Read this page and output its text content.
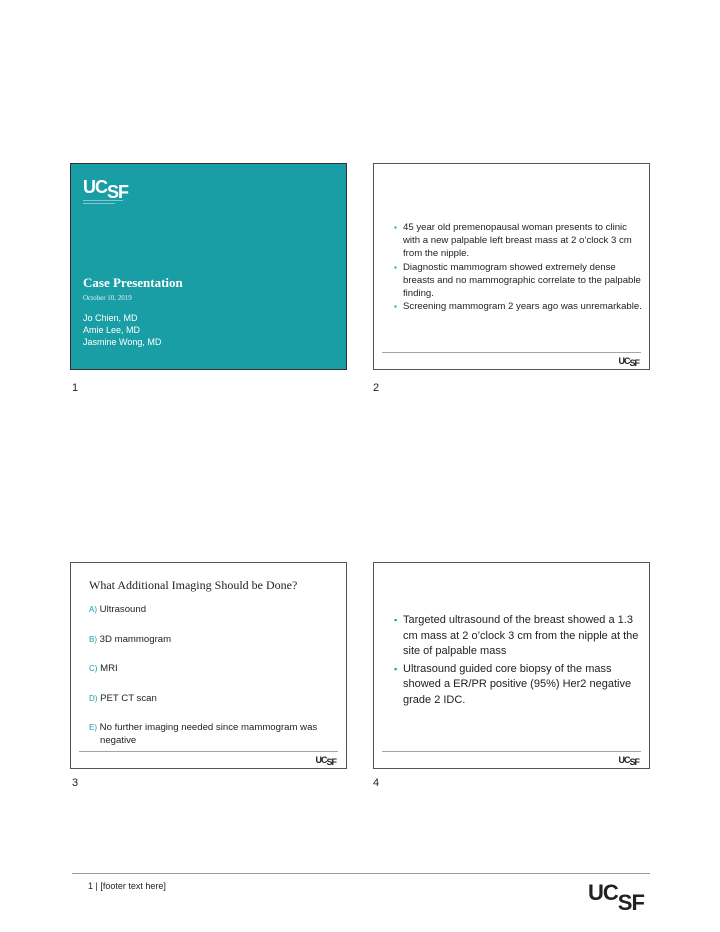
UCSF
Case Presentation
October 10, 2019
Jo Chien, MD
Amie Lee, MD
Jasmine Wong, MD
1
▪ 45 year old premenopausal woman presents to clinic with a new palpable left breast mass at 2 o’clock 3 cm from the nipple.
▪ Diagnostic mammogram showed extremely dense breasts and no mammographic correlate to the palpable finding.
▪ Screening mammogram 2 years ago was unremarkable.
UCSF
2
What Additional Imaging Should be Done?
A) Ultrasound
B) 3D mammogram
C) MRI
D) PET CT scan
E) No further imaging needed since mammogram was negative
UCSF
3
▪ Targeted ultrasound of the breast showed a 1.3 cm mass at 2 o’clock 3 cm from the nipple at the site of palpable mass
▪ Ultrasound guided core biopsy of the mass showed a ER/PR positive (95%) Her2 negative grade 2 IDC.
UCSF
4
1 | [footer text here]	UCSF
